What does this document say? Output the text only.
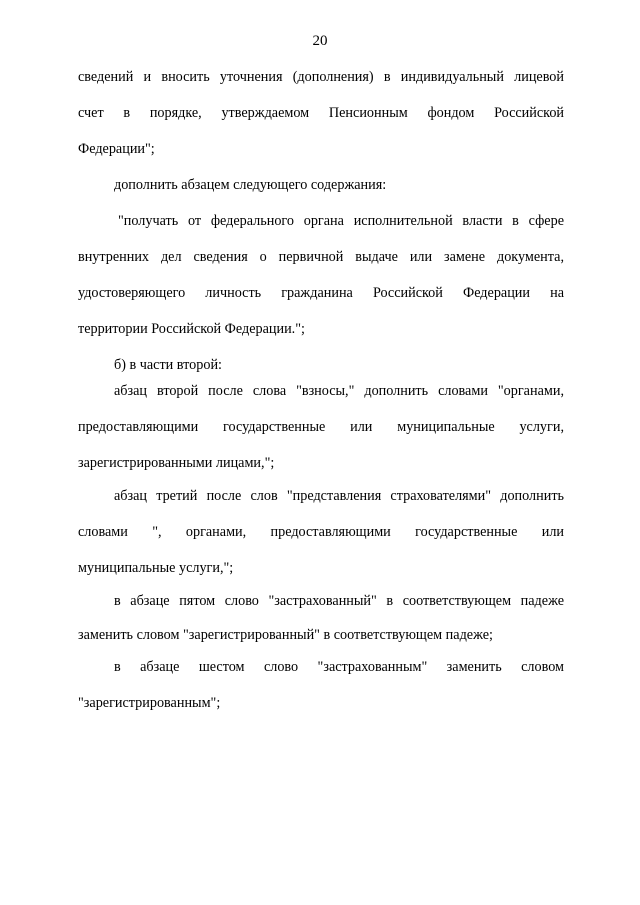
20
сведений и вносить уточнения (дополнения) в индивидуальный лицевой
счет в порядке, утверждаемом Пенсионным фондом Российской
Федерации";
дополнить абзацем следующего содержания:
"получать от федерального органа исполнительной власти в сфере
внутренних дел сведения о первичной выдаче или замене документа,
удостоверяющего личность гражданина Российской Федерации на
территории Российской Федерации.";
б) в части второй:
абзац второй после слова "взносы," дополнить словами "органами,
предоставляющими государственные или муниципальные услуги,
зарегистрированными лицами,";
абзац третий после слов "представления страхователями" дополнить
словами ", органами, предоставляющими государственные или
муниципальные услуги,";
в абзаце пятом слово "застрахованный" в соответствующем падеже
заменить словом "зарегистрированный" в соответствующем падеже;
в абзаце шестом слово "застрахованным" заменить словом
"зарегистрированным";
